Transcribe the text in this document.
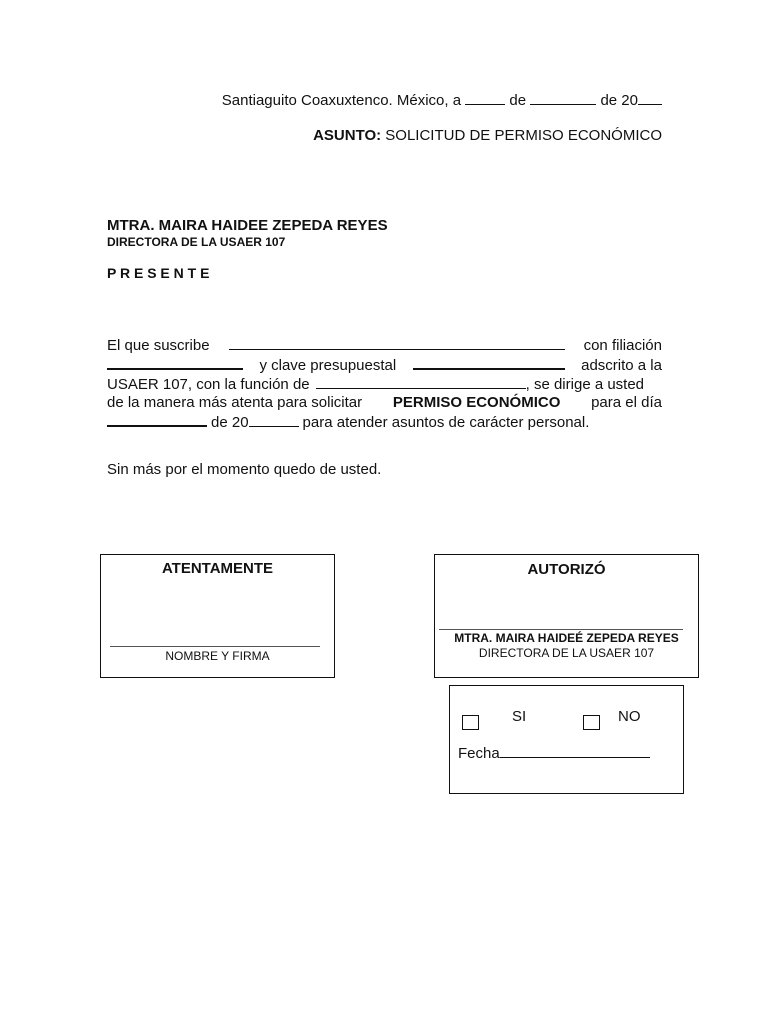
Santiaguito Coaxuxtenco. México, a	de	de 20
ASUNTO: SOLICITUD DE PERMISO ECONÓMICO
MTRA. MAIRA HAIDEE ZEPEDA REYES
DIRECTORA DE LA USAER 107
P R E S E N T E
El que suscribe	con filiación
y clave presupuestal	adscrito a la
USAER 107, con la función de	, se dirige a usted
de la manera más atenta para solicitar PERMISO ECONÓMICO para el día
de 20	para atender asuntos de carácter personal.
Sin más por el momento quedo de usted.
ATENTAMENTE
NOMBRE Y FIRMA
AUTORIZÓ
MTRA. MAIRA HAIDEÉ ZEPEDA REYES
DIRECTORA DE LA USAER 107
SI	NO
Fecha
